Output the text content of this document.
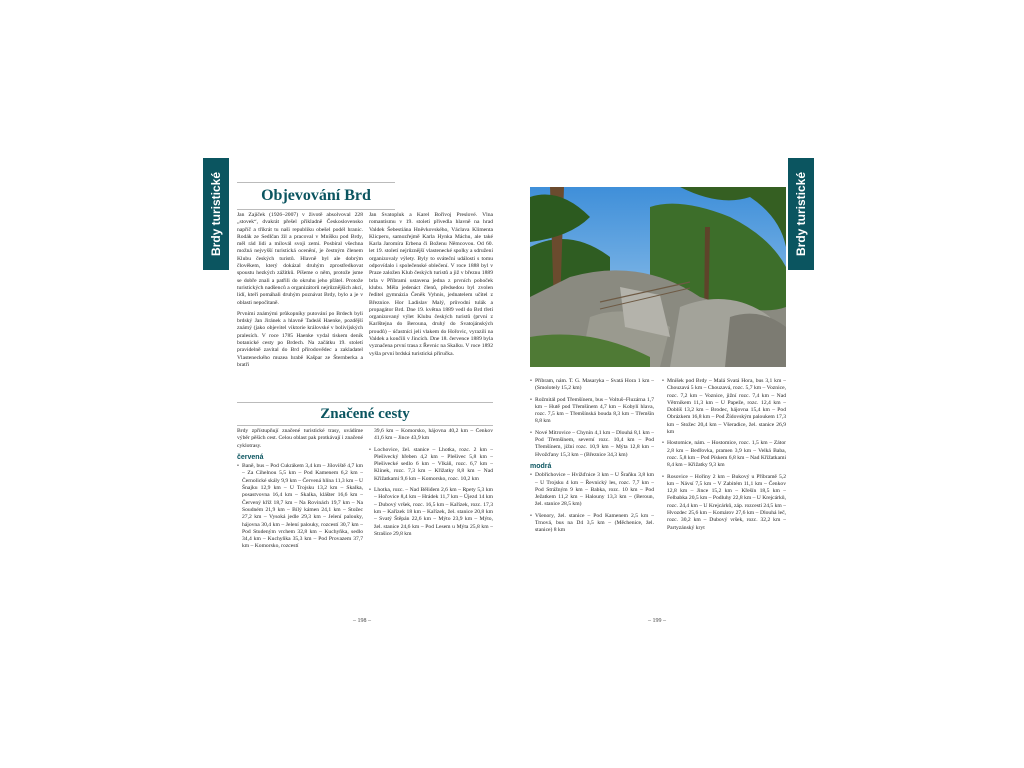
Brdy turistické	Objevování Brd

Jan Zajíček (1926–2007) v životě absolvoval 228 „stovek“, dvakrát přešel přikladně Československo napříč a třikrát tu naši republiku obešel podél hranic. Rodák ze Sedlčan žil a pracoval v Mníšku pod Brdy, měl rád lidi a mílovál svoji zemi. Posbíral všechna možná nejvyšší turistická ocenění, je čestným členem Klubu českých turistů. Hlavně byl ale dobrým člověkem, který dokázal druhým zprostředkovat spoustu hezkých zážitků. Píšeme o něm, protože jsme se dobře znali a patřili do okruhu jeho přátel. Protože turistických nadšenců a organizátorů nejrůznějších akcí, lidí, kteří pomáhali druhým poznávat Brdy, bylo a je v oblasti nepočítaně.

Prvními známými průkopníky putování po Brdech byli brdský Jan Jiránek a hlavně Tadeáš Haenke, pozdější známý (jako objevitel viktorie královské v bolivijských pralesích. V roce 1785 Haenke vydal tiskem deník botanické cesty po Brdech. Na začátku 19. století pravidelně zavítal do Brd přírodovědec a zakladatel Vlasteneckého muzea hrabě Kašpar ze Šternberka a bratři

Jan Svatopluk a Karel Bořivoj Preslové. Vlna romantismu v 19. století přivedla hlavně na hrad Valdek Šebestiána Hněvkovského, Václava Klimenta Klicperu, samozřejmě Karla Hynka Máchu, ale také Karla Jaromíra Erbena či Boženu Němcovou. Od 60. let 19. století nejrůznější vlastenecké spolky a sdružení organizovaly výlety. Byly to sváteční události s tomu odpovídalo i společenské oblečení. V roce 1888 byl v Praze založen Klub českých turistů a již v březnu 1889 brla v Příbrami ustavena jedna z prvních poboček klubu. Měla jedenáct členů, předsedou byl zvolen ředitel gymnázia Čeněk Vyhnis, jednatelem učitel z Březnice. Hor Ladislav Malý, průvodní tulák a propagátor Brd. Dne 19. května 1889 vedl do Brd třetí organizovaný výlet Klubu českých turistů (první z Karlštejna do Berouna, druhý do Svatojánských proudů) – účastníci jeli vlakem do Hořovic, vyrazili na Valdek a končili v Jincích. Dne 18. července 1889 byla vyznačena první trasa z Řevnic na Skalku. V roce 1892 vyšla první brdská turistická příručka.

Značené cesty

Brdy zpřístupňují značené turistické trasy, uvádíme výběr pěších cest. Celou oblast pak protkávají i značené cyklotrasy.

červená
• Baně, bus – Pod Cukrákem 3,4 km – Jíloviště 4,7 km – Za Cihelnou 5,5 km – Pod Kamenem 6,2 km – Černolické skály 9,9 km – Červená hlína 11,3 km – U Šnajku 12,9 km – U Trojsku 13,2 km – Skalka, posastvovna 16,4 km – Skalka, klášter 16,6 km – Červený kříž 18,7 km – Na Rovinách 19,7 km – Na Soudném 21,9 km – Bílý kámen 24,1 km – Stožec 27,2 km – Vysoká jedle 29,3 km – Jelení palouky, hájovna 30,4 km – Jelení palouky, rozcestí 30,7 km – Pod Studeným vrchem 32,8 km – Kuchyňka, sedlo 34,4 km – Kuchyňka 35,3 km – Pod Provazem 37,7 km – Komorsko, rozcestí

39,6 km – Komorsko, hájovna 40,2 km – Čenkov 41,6 km – Jince 43,9 km

• Lochovice, žel. stanice – Lhotka, rozc. 2 km – Plešivecký hřeben 4,2 km – Plešivec 5,8 km – Plešivecké sedlo 6 km – Vlkáň, rozc. 6,7 km – Klínek, rozc. 7,3 km – Křižatky 8,8 km – Nad Křižatkami 9,6 km – Komorsko, rozc. 10,2 km
• Lhotka, rozc. – Nad Běliđem 2,6 km – Rpety 5,3 km – Hořovice 8,4 km – Hrádek 11,7 km – Újezd 14 km – Dubový vršek, rozc. 16,5 km – Kařízek, rozc. 17,3 km – Kařízek 18 km – Kařízek, žel. stanice 20,8 km – Svatý Štěpán 22,6 km – Mýto 23,9 km – Mýto, žel. stanice 24,6 km – Pod Lesem u Mýta 25,8 km – Strašice 29,8 km
– 198 –
Brdy turistické
• Příbram, nám. T. G. Masaryka – Svatá Hora 1 km – (Smolotely 15,2 km)
• Rožmitál pod Třemšínem, bus – Voltuš–Fluzárna 1,7 km – Hutě pod Třemšínem 4,7 km – Kobylí hlava, rozc. 7,5 km – Třemšínská bouda 8,3 km – Třemšín 8,8 km
• Nové Mitrovice – Chynín 4,1 km – Dlouhá 8,1 km – Pod Třemšínem, severní rozc. 10,4 km – Pod Třemšínem, jižní rozc. 10,9 km – Mýta 12,8 km – Hvožďany 15,3 km – (Březnice 34,3 km)
modrá
• Dobřichovice – Hvížďnice 3 km – U Šraňku 3,8 km – U Trojsku 4 km – Řevnický les, rozc. 7,7 km – Pod Strážným 9 km – Babka, rozc. 10 km – Pod Ježatkem 11,2 km – Halouny 13,3 km – (Beroun, žel. stanice 28,5 km)
• Všenory, žel. stanice – Pod Kamenem 2,5 km – Trnová, bus na D4 3,5 km – (Měchenice, žel. stanice) 8 km
• Mníšek pod Brdy – Malá Svatá Hora, bus 3,1 km – Chouzavá 5 km – Chouzavá, rozc. 5,7 km – Voznice, rozc. 7,2 km – Voznice, jižní rozc. 7,4 km – Nad Větrníkem 11,3 km – U Papeže, rozc. 12,4 km – Doblíš 13,2 km – Brodec, hájovna 15,4 km – Pod Obrázkem 16,8 km – Pod Žídovským paloukem 17,3 km – Stožec 20,4 km – Všeradice, žel. stanice 26,9 km
• Hostomice, nám. – Hostomice, rozc. 1,5 km – Zátor 2,8 km – Bedřovka, pramen 3,9 km – Velká Baba, rozc. 5,8 km – Pod Pískem 6,8 km – Nad Křižatkami 8,4 km – Křižatky 9,3 km
• Rosovice – Hořiny 2 km – Bukový u Příbramě 5,2 km – Návsí 7,5 km – V Zabitém 11,1 km – Čenkov 12,8 km – Jince 15,2 km – Křešín 18,5 km – Felbabka 20,5 km – Podluhy 22,8 km – U Krejcárků, rozc. 24,4 km – U Krejcárků, záp. rozcestí 24,5 km – Hvozdec 25,6 km – Komárov 27,6 km – Dlouhá leč, rozc. 30,2 km – Dubový vršek, rozc. 32,2 km – Partyzánský kryt
– 199 –
